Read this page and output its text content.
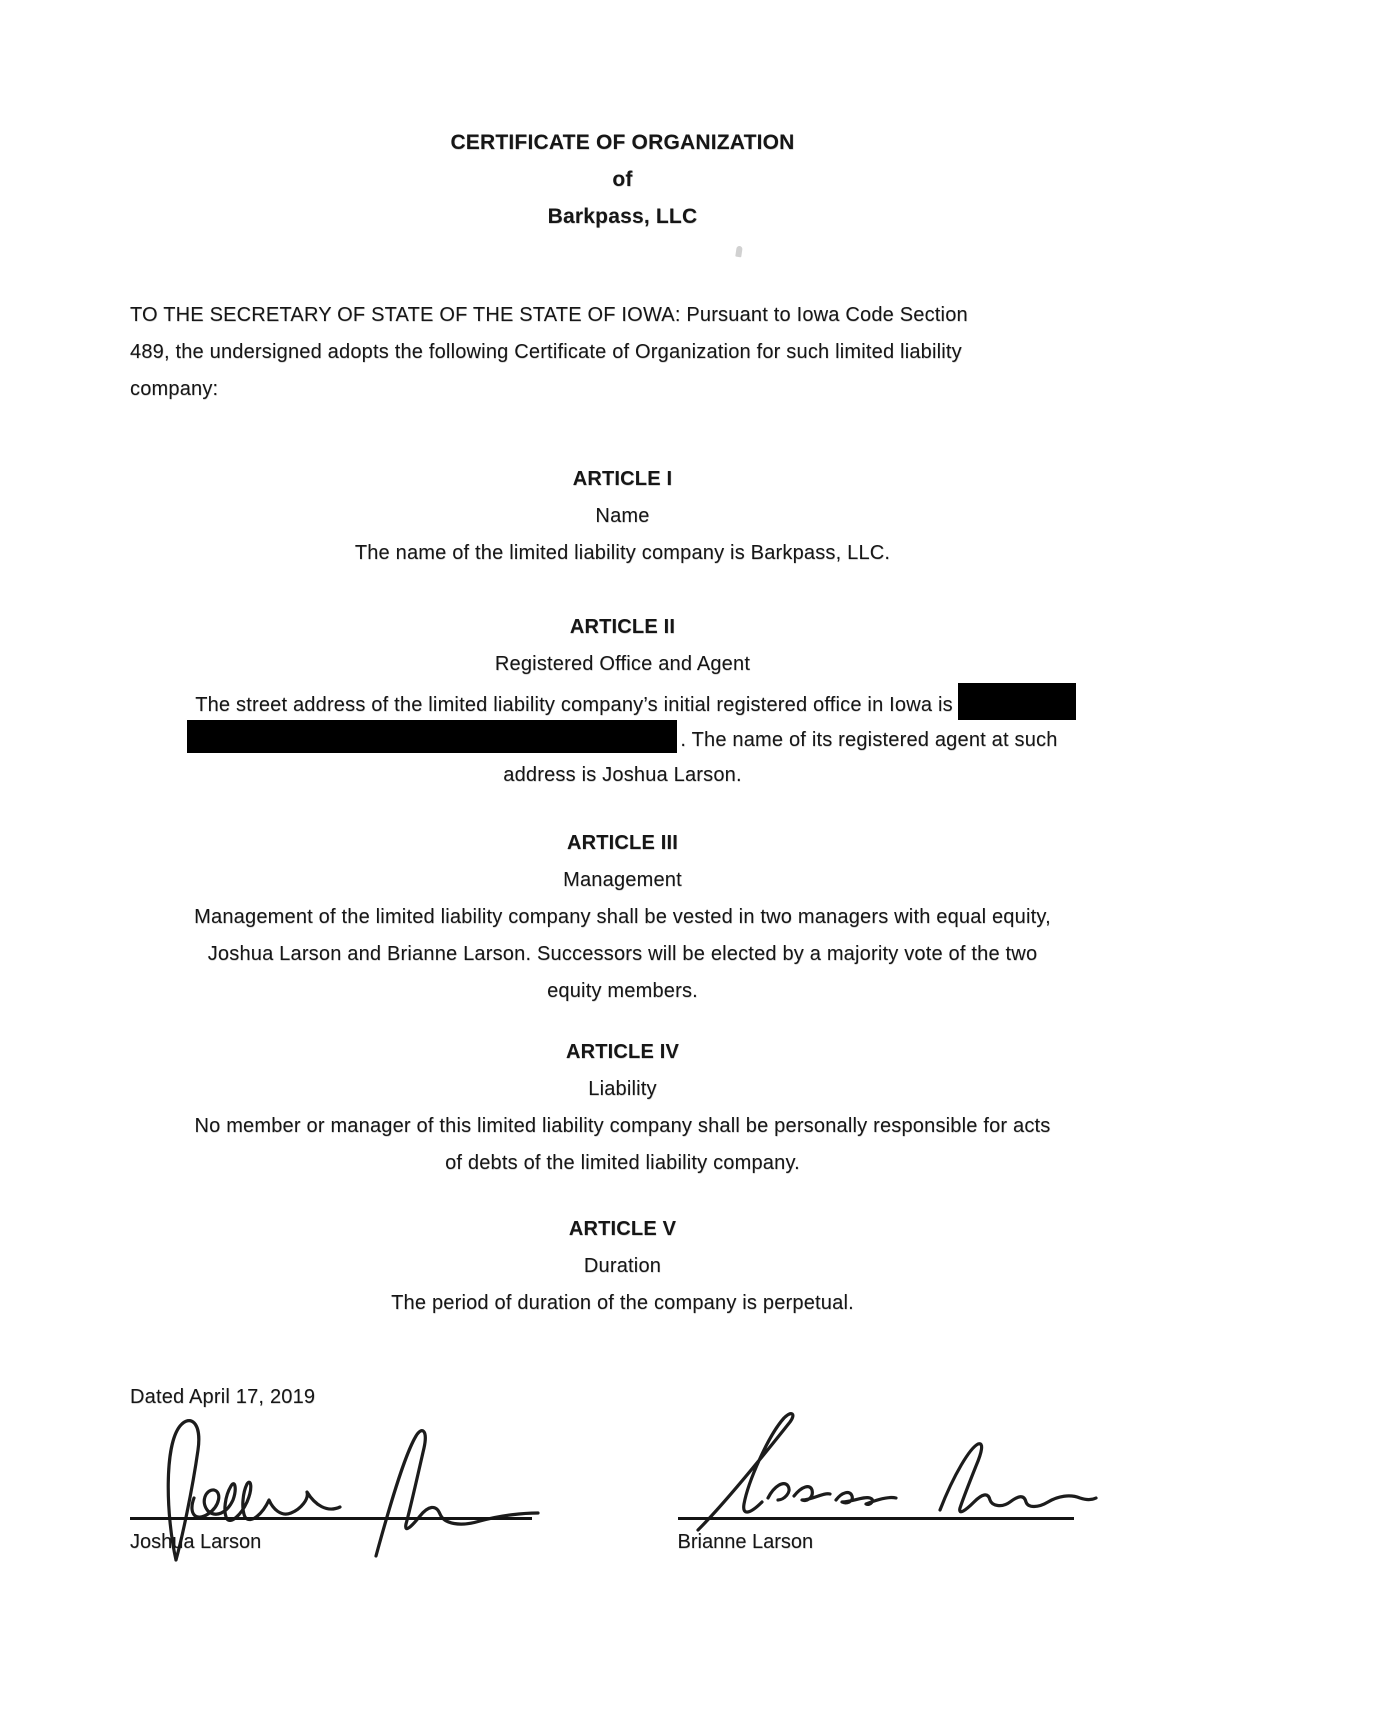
CERTIFICATE OF ORGANIZATION
of
Barkpass, LLC
TO THE SECRETARY OF STATE OF THE STATE OF IOWA: Pursuant to Iowa Code Section
489, the undersigned adopts the following Certificate of Organization for such limited liability
company:
ARTICLE I
Name
The name of the limited liability company is Barkpass, LLC.
ARTICLE II
Registered Office and Agent
The street address of the limited liability company’s initial registered office in Iowa is
. The name of its registered agent at such
address is Joshua Larson.
ARTICLE III
Management
Management of the limited liability company shall be vested in two managers with equal equity,
Joshua Larson and Brianne Larson. Successors will be elected by a majority vote of the two
equity members.
ARTICLE IV
Liability
No member or manager of this limited liability company shall be personally responsible for acts
of debts of the limited liability company.
ARTICLE V
Duration
The period of duration of the company is perpetual.
Dated April 17, 2019
Joshua Larson	Brianne Larson
